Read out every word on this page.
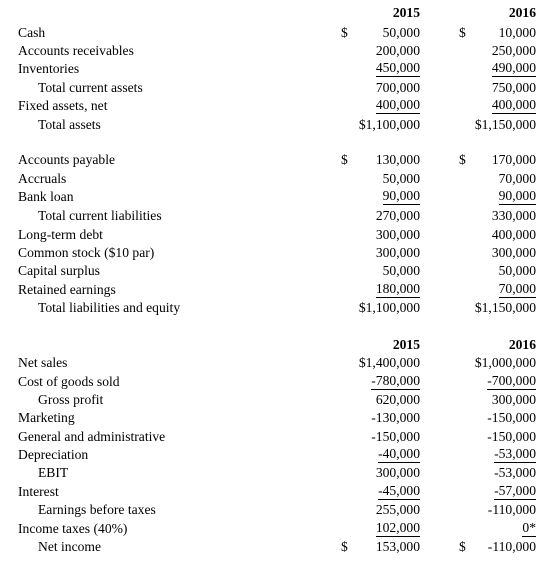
2015	2016
Cash	$	50,000	$ 10,000
Accounts receivables	200,000	250,000
Inventories	450,000	490,000
Total current assets	700,000	750,000
Fixed assets, net	400,000	400,000
Total assets	$1,100,000	$1,150,000
Accounts payable	$ 130,000	$ 170,000
Accruals	50,000	70,000
Bank loan	90,000	90,000
Total current liabilities	270,000	330,000
Long-term debt	300,000	400,000
Common stock ($10 par)	300,000	300,000
Capital surplus	50,000	50,000
Retained earnings	180,000	70,000
Total liabilities and equity	$1,100,000	$1,150,000
2015	2016
Net sales	$1,400,000	$1,000,000
Cost of goods sold	-780,000	-700,000
Gross profit	620,000	300,000
Marketing	-130,000	-150,000
General and administrative	-150,000	-150,000
Depreciation	-40,000	-53,000
EBIT	300,000	-53,000
Interest	-45,000	-57,000
Earnings before taxes	255,000	-110,000
Income taxes (40%)	102,000	0*
Net income	$ 153,000	$ -110,000
